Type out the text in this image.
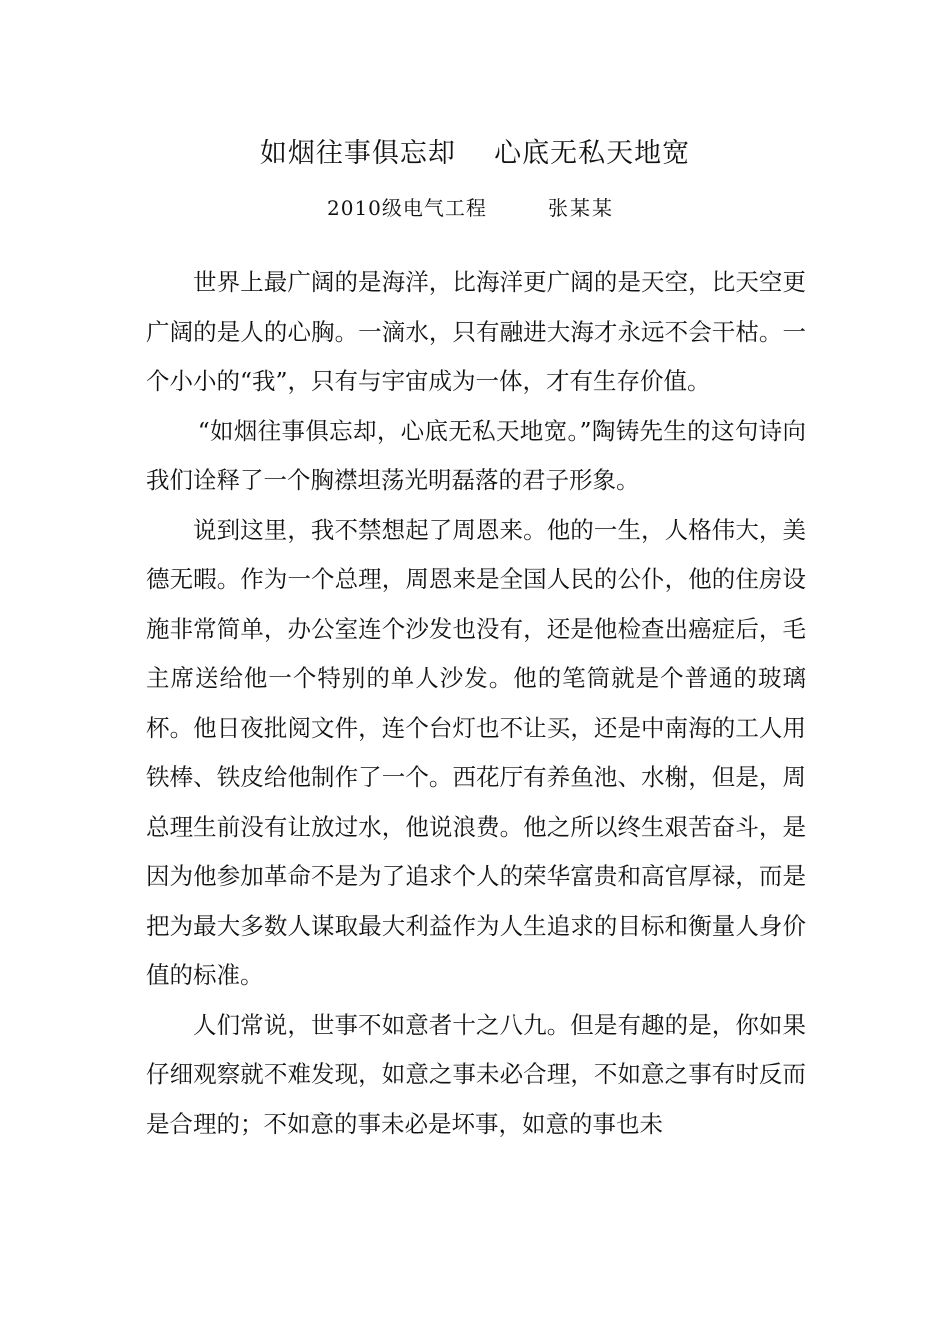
如烟往事俱忘却    心底无私天地宽
2010级电气工程	张某某

世界上最广阔的是海洋，比海洋更广阔的是天空，比天空更广阔的是人的心胸。一滴水，只有融进大海才永远不会干枯。一个小小的“我”，只有与宇宙成为一体，才有生存价值。

“如烟往事俱忘却，心底无私天地宽。”陶铸先生的这句诗向我们诠释了一个胸襟坦荡光明磊落的君子形象。

说到这里，我不禁想起了周恩来。他的一生，人格伟大，美德无暇。作为一个总理，周恩来是全国人民的公仆，他的住房设施非常简单，办公室连个沙发也没有，还是他检查出癌症后，毛主席送给他一个特别的单人沙发。他的笔筒就是个普通的玻璃杯。他日夜批阅文件，连个台灯也不让买，还是中南海的工人用铁棒、铁皮给他制作了一个。西花厅有养鱼池、水榭，但是，周总理生前没有让放过水，他说浪费。他之所以终生艰苦奋斗，是因为他参加革命不是为了追求个人的荣华富贵和高官厚禄，而是把为最大多数人谋取最大利益作为人生追求的目标和衡量人身价值的标准。

人们常说，世事不如意者十之八九。但是有趣的是，你如果仔细观察就不难发现，如意之事未必合理，不如意之事有时反而是合理的；不如意的事未必是坏事，如意的事也未
